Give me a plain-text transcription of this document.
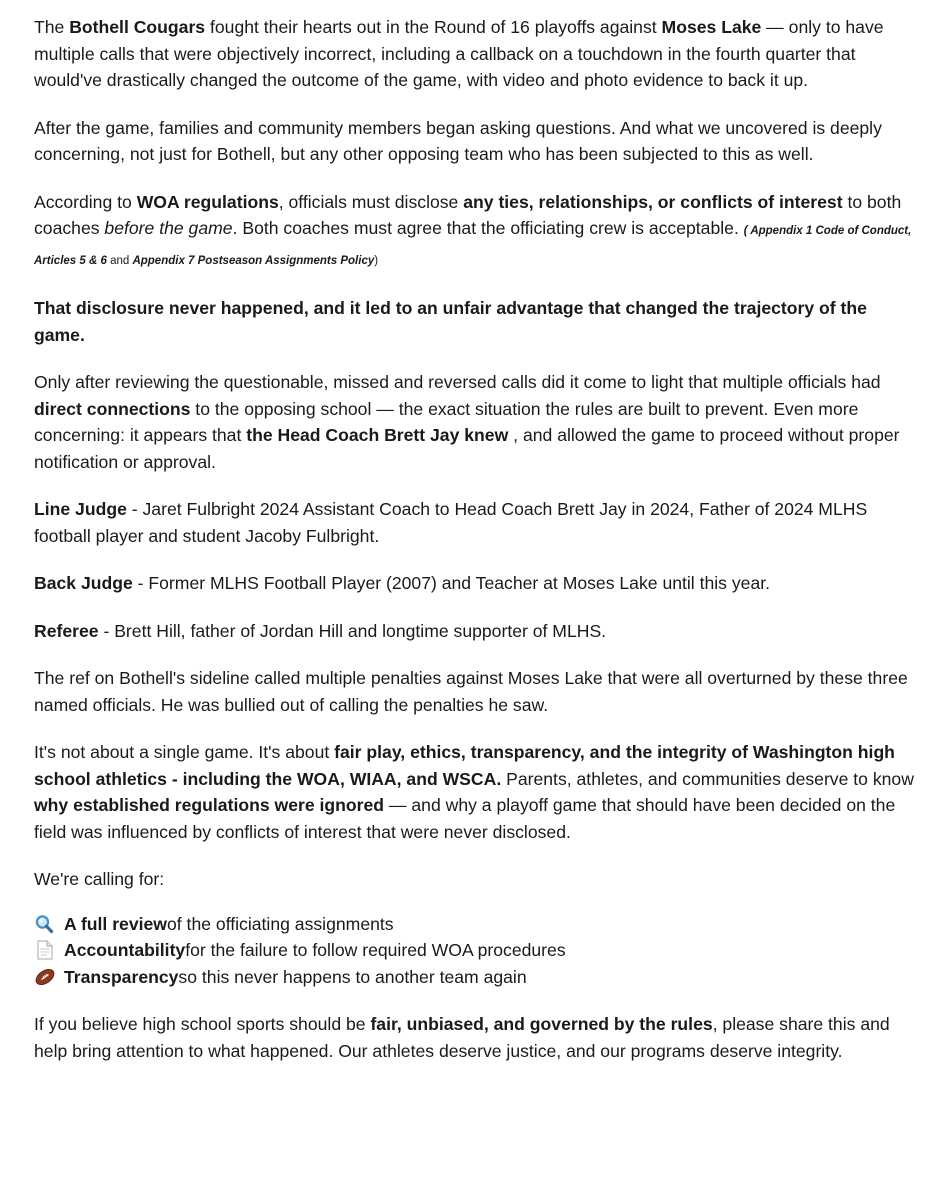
The Bothell Cougars fought their hearts out in the Round of 16 playoffs against Moses Lake — only to have multiple calls that were objectively incorrect, including a callback on a touchdown in the fourth quarter that would've drastically changed the outcome of the game, with video and photo evidence to back it up.

After the game, families and community members began asking questions. And what we uncovered is deeply concerning, not just for Bothell, but any other opposing team who has been subjected to this as well.

According to WOA regulations, officials must disclose any ties, relationships, or conflicts of interest to both coaches before the game. Both coaches must agree that the officiating crew is acceptable. ( Appendix 1 Code of Conduct, Articles 5 & 6 and Appendix 7 Postseason Assignments Policy)

That disclosure never happened, and it led to an unfair advantage that changed the trajectory of the game.

Only after reviewing the questionable, missed and reversed calls did it come to light that multiple officials had direct connections to the opposing school — the exact situation the rules are built to prevent. Even more concerning: it appears that the Head Coach Brett Jay knew , and allowed the game to proceed without proper notification or approval.

Line Judge - Jaret Fulbright 2024 Assistant Coach to Head Coach Brett Jay in 2024, Father of 2024 MLHS football player and student Jacoby Fulbright.

Back Judge - Former MLHS Football Player (2007) and Teacher at Moses Lake until this year.

Referee - Brett Hill, father of Jordan Hill and longtime supporter of MLHS.

The ref on Bothell's sideline called multiple penalties against Moses Lake that were all overturned by these three named officials. He was bullied out of calling the penalties he saw.

It's not about a single game. It's about fair play, ethics, transparency, and the integrity of Washington high school athletics - including the WOA, WIAA, and WSCA. Parents, athletes, and communities deserve to know why established regulations were ignored — and why a playoff game that should have been decided on the field was influenced by conflicts of interest that were never disclosed.

We're calling for:

A full review of the officiating assignments
Accountability for the failure to follow required WOA procedures
Transparency so this never happens to another team again

If you believe high school sports should be fair, unbiased, and governed by the rules, please share this and help bring attention to what happened. Our athletes deserve justice, and our programs deserve integrity.
